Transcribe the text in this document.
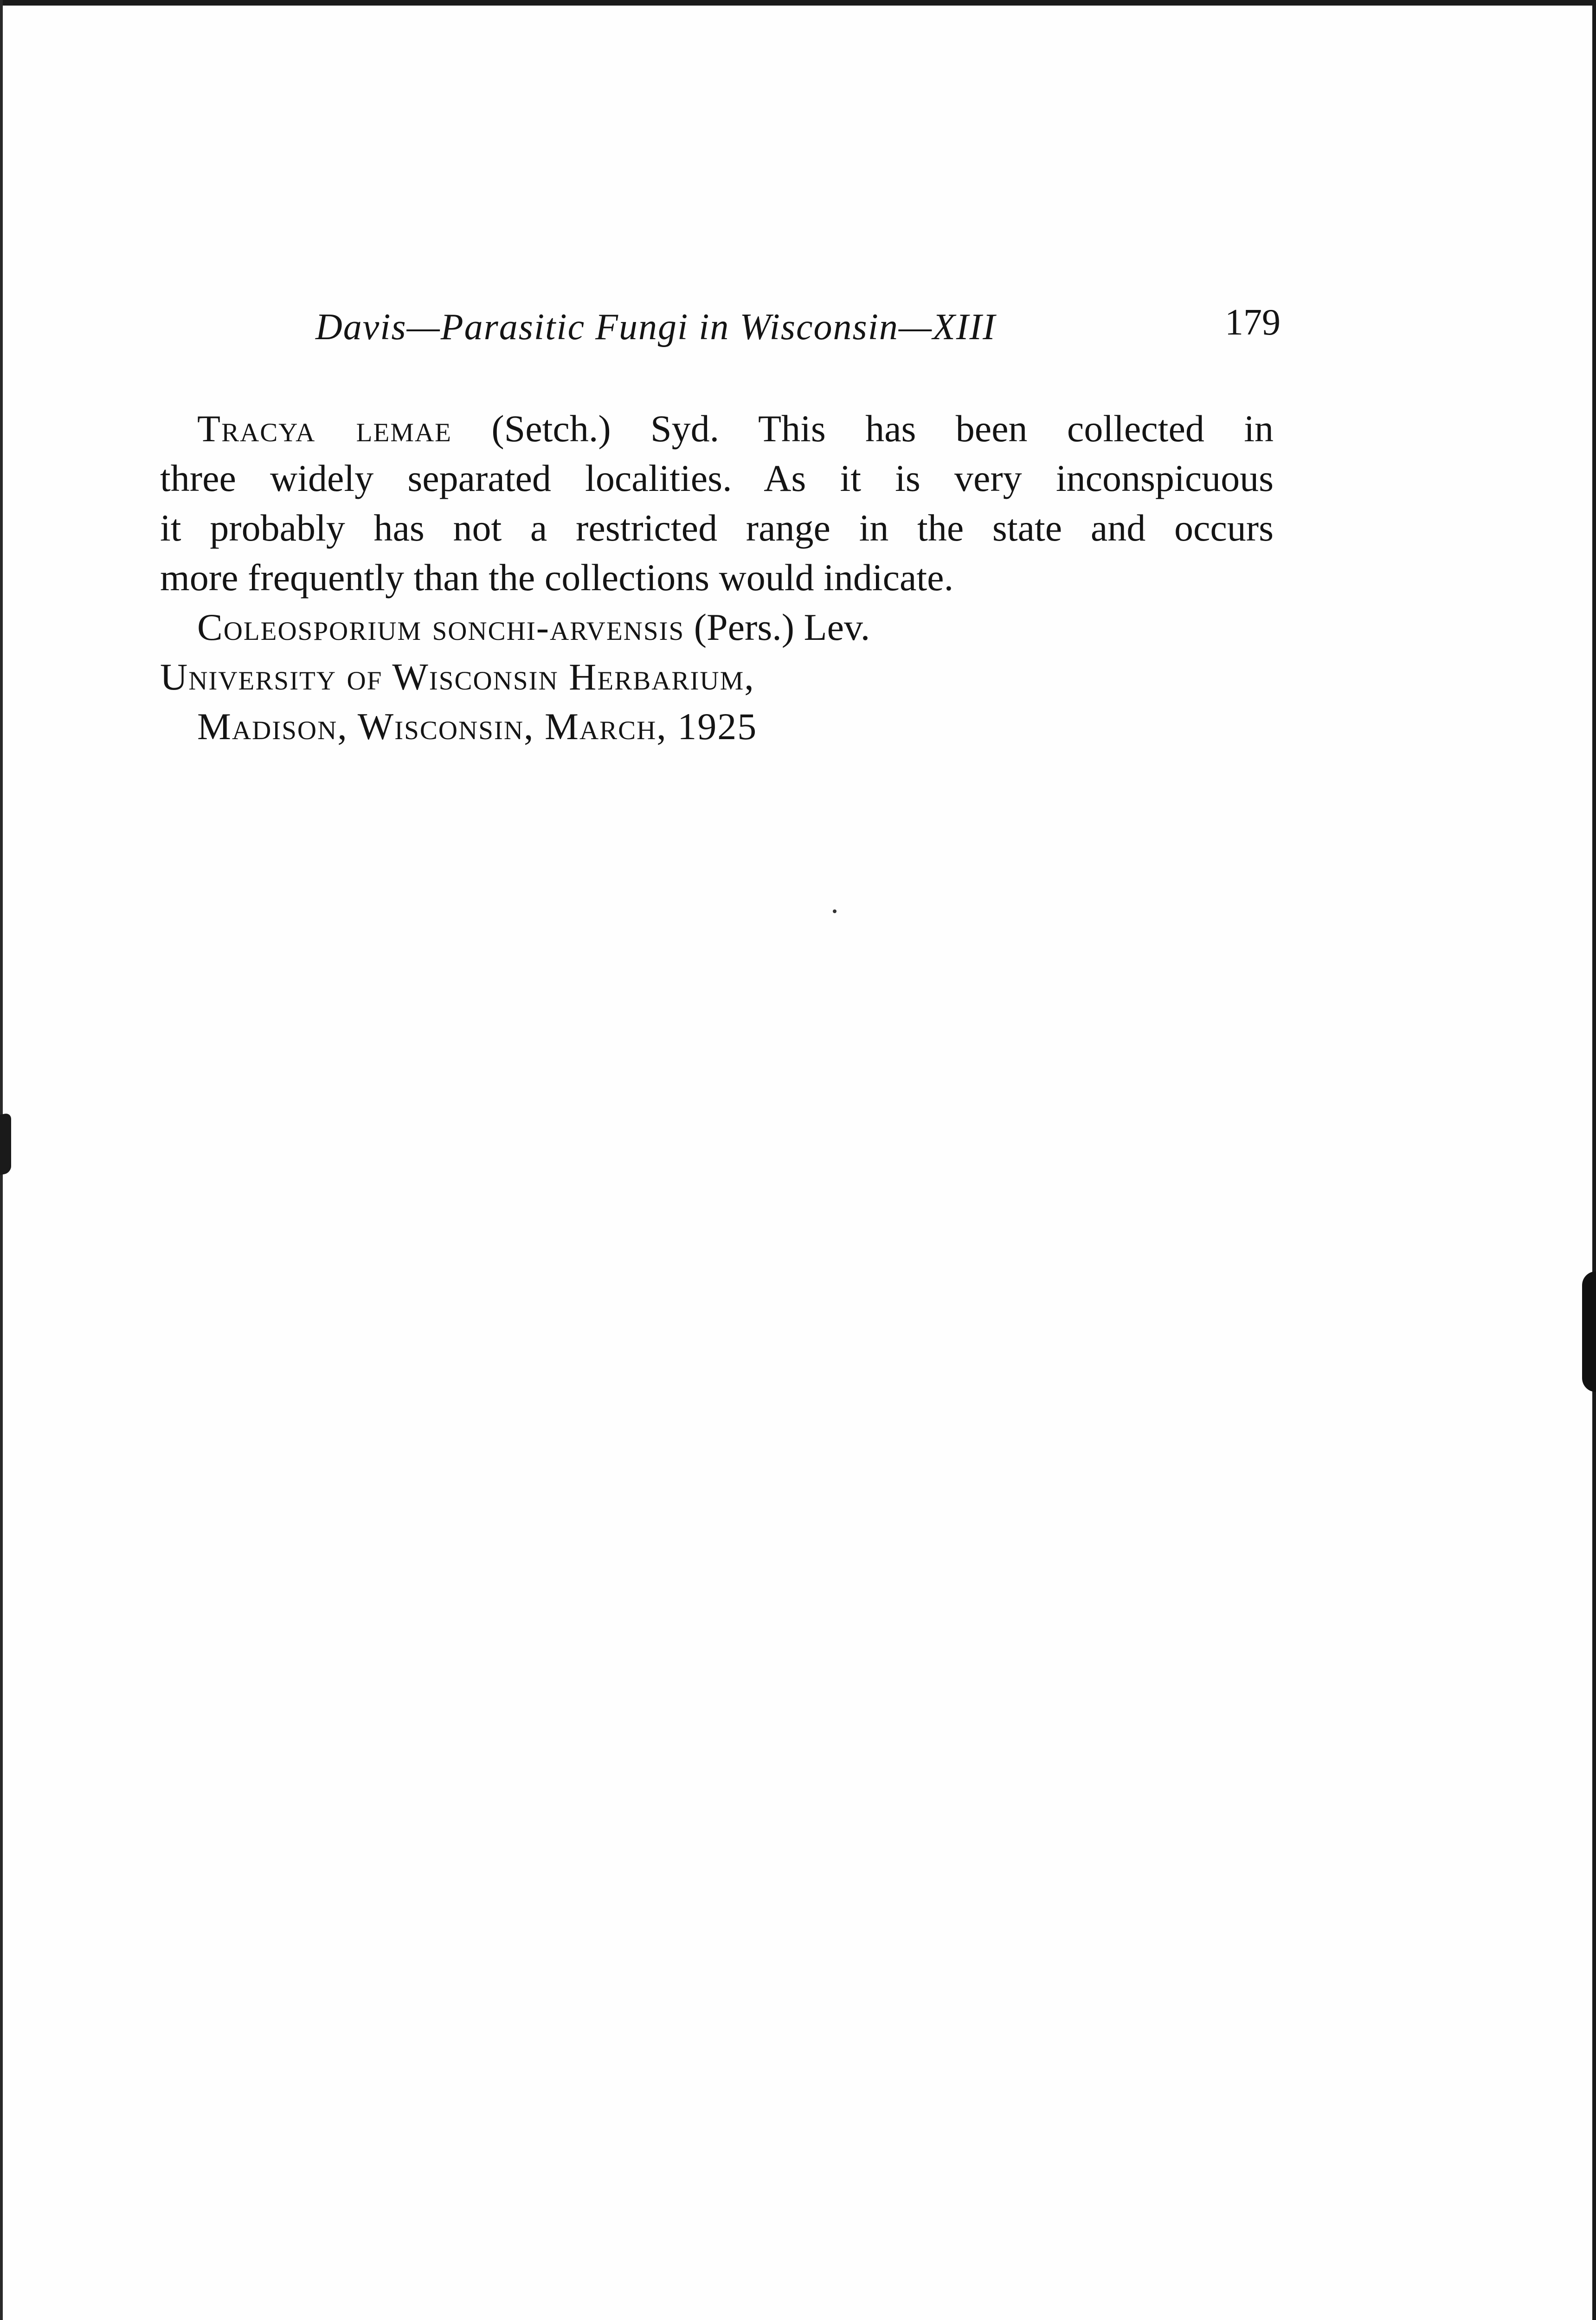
Davis—Parasitic Fungi in Wisconsin—XIII	179
Tracya lemae (Setch.) Syd. This has been collected in
three widely separated localities. As it is very inconspicuous
it probably has not a restricted range in the state and occurs
more frequently than the collections would indicate.
Coleosporium sonchi-arvensis (Pers.) Lev.
University of Wisconsin Herbarium,
Madison, Wisconsin, March, 1925
